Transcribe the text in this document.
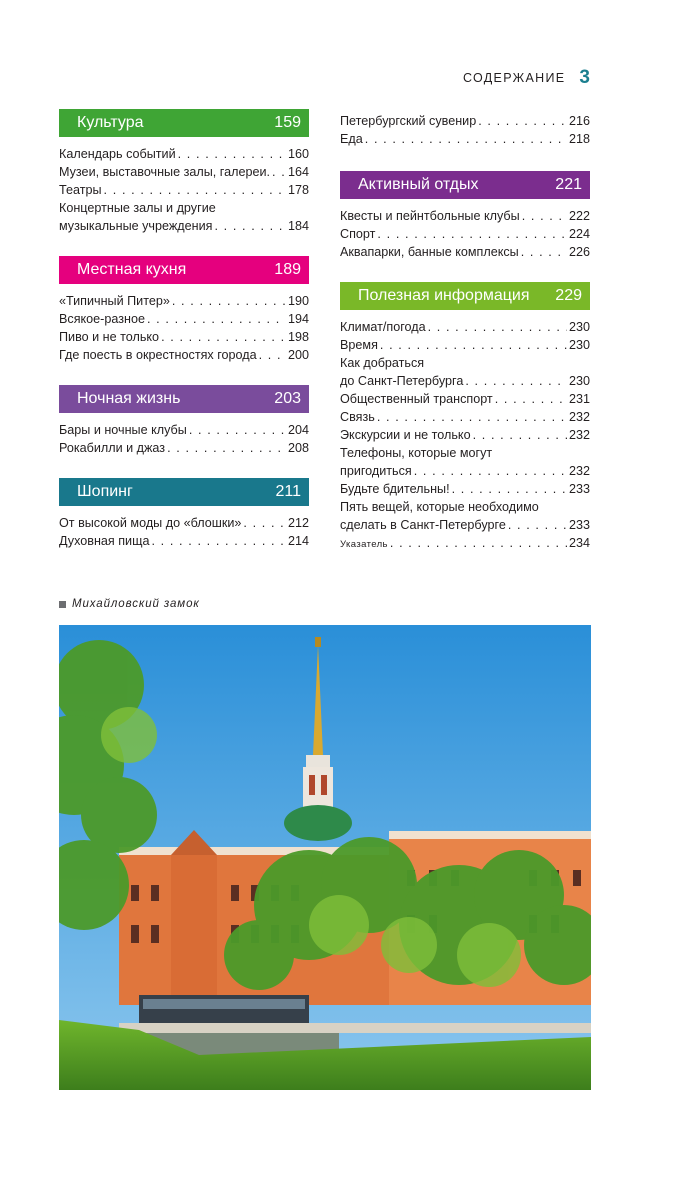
СОДЕРЖАНИЕ 3
Культура	159
Календарь событий . . .	160
Музеи, выставочные залы, галереи. . . . 164
Театры . . .	178
Концертные залы и другие
музыкальные учреждения . . .	184
Местная кухня	189
«Типичный Питер» . . .	190
Всякое-разное . . .	194
Пиво и не только . . .	198
Где поесть в окрестностях города . . . 200
Ночная жизнь	203
Бары и ночные клубы . . .	204
Рокабилли и джаз . . .	208
Шопинг	211
От высокой моды до «блошки» . . .	212
Духовная пища . . .	214
Петербургский сувенир . . .	216
Еда . . .	218
Активный отдых	221
Квесты и пейнтбольные клубы . . .	222
Спорт . . .	224
Аквапарки, банные комплексы . . .	226
Полезная информация 229
Климат/погода . . .	230
Время . . .	230
Как добраться
до Санкт-Петербурга . . .	230
Общественный транспорт . . .	231
Связь . . .	232
Экскурсии и не только . . .	232
Телефоны, которые могут
пригодиться . . .	232
Будьте бдительны! . . .	233
Пять вещей, которые необходимо
сделать в Санкт-Петербурге . . .	233
Указатель . . .	234
Михайловский замок
